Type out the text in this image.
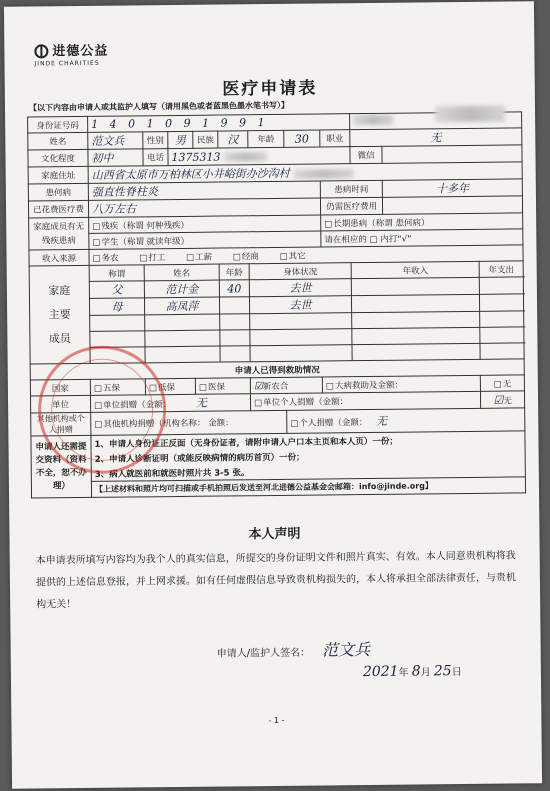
进德公益
JINDE CHARITIES
医疗申请表
【以下内容由申请人或其监护人填写（请用黑色或者蓝黑色墨水笔书写）】
身份证号码	1 4 0 1 0 9 1 9 9 1										
姓名	范文兵	性别	男	民族	汉	年龄	30	职业	无		
文化程度	初中	电话	1375313						微信		
家庭住址	山西省太原市万柏林区小井峪街办沙沟村										
患何病	强直性脊柱炎							患病时间		十多年	
已花费医疗费	八万左右							仍需医疗费用			
家庭成员有无残疾患病	□ 残疾（称谓 何种残疾）							□ 长期患病（称谓 患何病）
	□ 学生（称谓 就读年级）							请在相应的 □ 内打“√”			
收入来源	□ 务农 □ 打工 □ 工薪 □ 经商 □ 其它
家庭
主要
成员	称谓	姓名			年龄	身体状况			年收入		年支出
	父	范计金			40	去世					
	母	高凤萍				去世					

申请人已得到救助情况											
国家	□ 五保	□ 低保		□ 医保		☑新农合		□ 大病救助及金额：			□ 无
单位	□ 单位捐赠（金额： 无					□ 单位个人捐赠（金额：					☑无
其他机构或个人捐赠	□ 其他机构捐赠（机构名称： 金额：						□ 个人捐赠（金额： 无
申请人还需提交资料（资料不全，恕不办理）	1、申请人身份证正反面（无身份证者，请附申请人户口本主页和本人页）一份；										
	2、申请人诊断证明（或能反映病情的病历首页）一份；										
	3、病人就医前和就医时照片共 3-5 张。										
	【上述材料和照片均可扫描或手机拍照后发送至河北进德公益基金会邮箱：info@jinde.org】										
本人声明
本申请表所填写内容均为我个人的真实信息，所提交的身份证明文件和照片真实、有效。本人同意贵机构将我提供的上述信息登报，并上网求援。如有任何虚假信息导致贵机构损失的，本人将承担全部法律责任，与贵机构无关！
申请人/监护人签名： 范文兵
2021年 8月 25日
- 1 -
